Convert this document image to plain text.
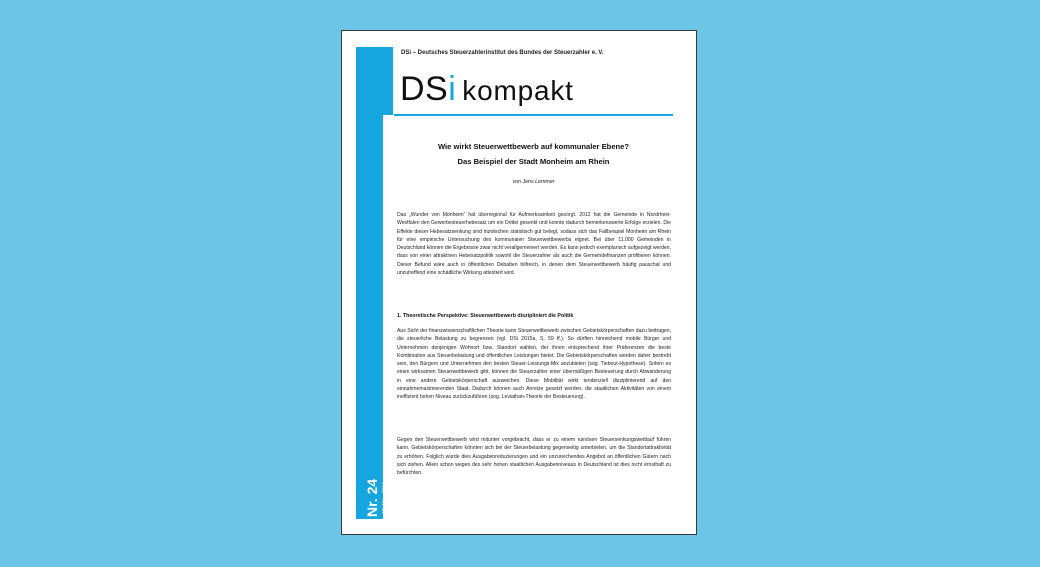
Nr. 24 07. März 2016
DSi – Deutsches Steuerzahlerinstitut des Bundes der Steuerzahler e. V.
DSi kompakt
Wie wirkt Steuerwettbewerb auf kommunaler Ebene?
Das Beispiel der Stadt Monheim am Rhein
von Jens Lemmer
Das „Wunder von Monheim“ hat überregional für Aufmerksamkeit gesorgt. 2012 hat die Gemeinde in Nordrhein-Westfalen den Gewerbesteuerhebesatz um ein Drittel gesenkt und konnte dadurch bemerkenswerte Erfolge erzielen. Die Effekte dieser Hebesatzsenkung sind inzwischen statistisch gut belegt, sodass sich das Fallbeispiel Monheim am Rhein für eine empirische Untersuchung des kommunalen Steuerwettbewerbs eignet. Bei über 11.000 Gemeinden in Deutschland können die Ergebnisse zwar nicht verallgemeinert werden. Es kann jedoch exemplarisch aufgezeigt werden, dass von einer attraktiven Hebesatzpolitik sowohl die Steuerzahler als auch die Gemeindefinanzen profitieren können. Dieser Befund wäre auch in öffentlichen Debatten hilfreich, in denen dem Steuerwettbewerb häufig pauschal und unzutreffend eine schädliche Wirkung attestiert wird.
1. Theoretische Perspektive: Steuerwettbewerb diszipliniert die Politik
Aus Sicht der finanzwissenschaftlichen Theorie kann Steuerwettbewerb zwischen Gebietskörperschaften dazu beitragen, die steuerliche Belastung zu begrenzen (vgl. DSi 2015a, S. 59 ff.). So dürften hinreichend mobile Bürger und Unternehmen denjenigen Wohnort bzw. Standort wählen, der ihnen entsprechend ihrer Präferenzen die beste Kombination aus Steuerbelastung und öffentlichen Leistungen bietet. Die Gebietskörperschaften werden daher bestrebt sein, den Bürgern und Unternehmen den besten Steuer-Leistungs-Mix anzubieten (sog. Tiebout-Hypothese). Sofern es einen wirksamen Steuerwettbewerb gibt, können die Steuerzahler einer übermäßigen Besteuerung durch Abwanderung in eine andere Gebietskörperschaft ausweichen. Diese Mobilität wirkt tendenziell disziplinierend auf den einnahmemaximierenden Staat. Dadurch können auch Anreize gesetzt werden, die staatlichen Aktivitäten von einem ineffizient hohen Niveau zurückzuführen (sog. Leviathan-Theorie der Besteuerung).
Gegen den Steuerwettbewerb wird mitunter vorgebracht, dass er zu einem ruinösen Steuersenkungswettlauf führen kann. Gebietskörperschaften könnten sich bei der Steuerbelastung gegenseitig unterbieten, um die Standortattraktivität zu erhöhen. Folglich würde dies Ausgabenreduzierungen und ein unzureichendes Angebot an öffentlichen Gütern nach sich ziehen. Allein schon wegen des sehr hohen staatlichen Ausgabenniveaus in Deutschland ist dies nicht ernsthaft zu befürchten.
